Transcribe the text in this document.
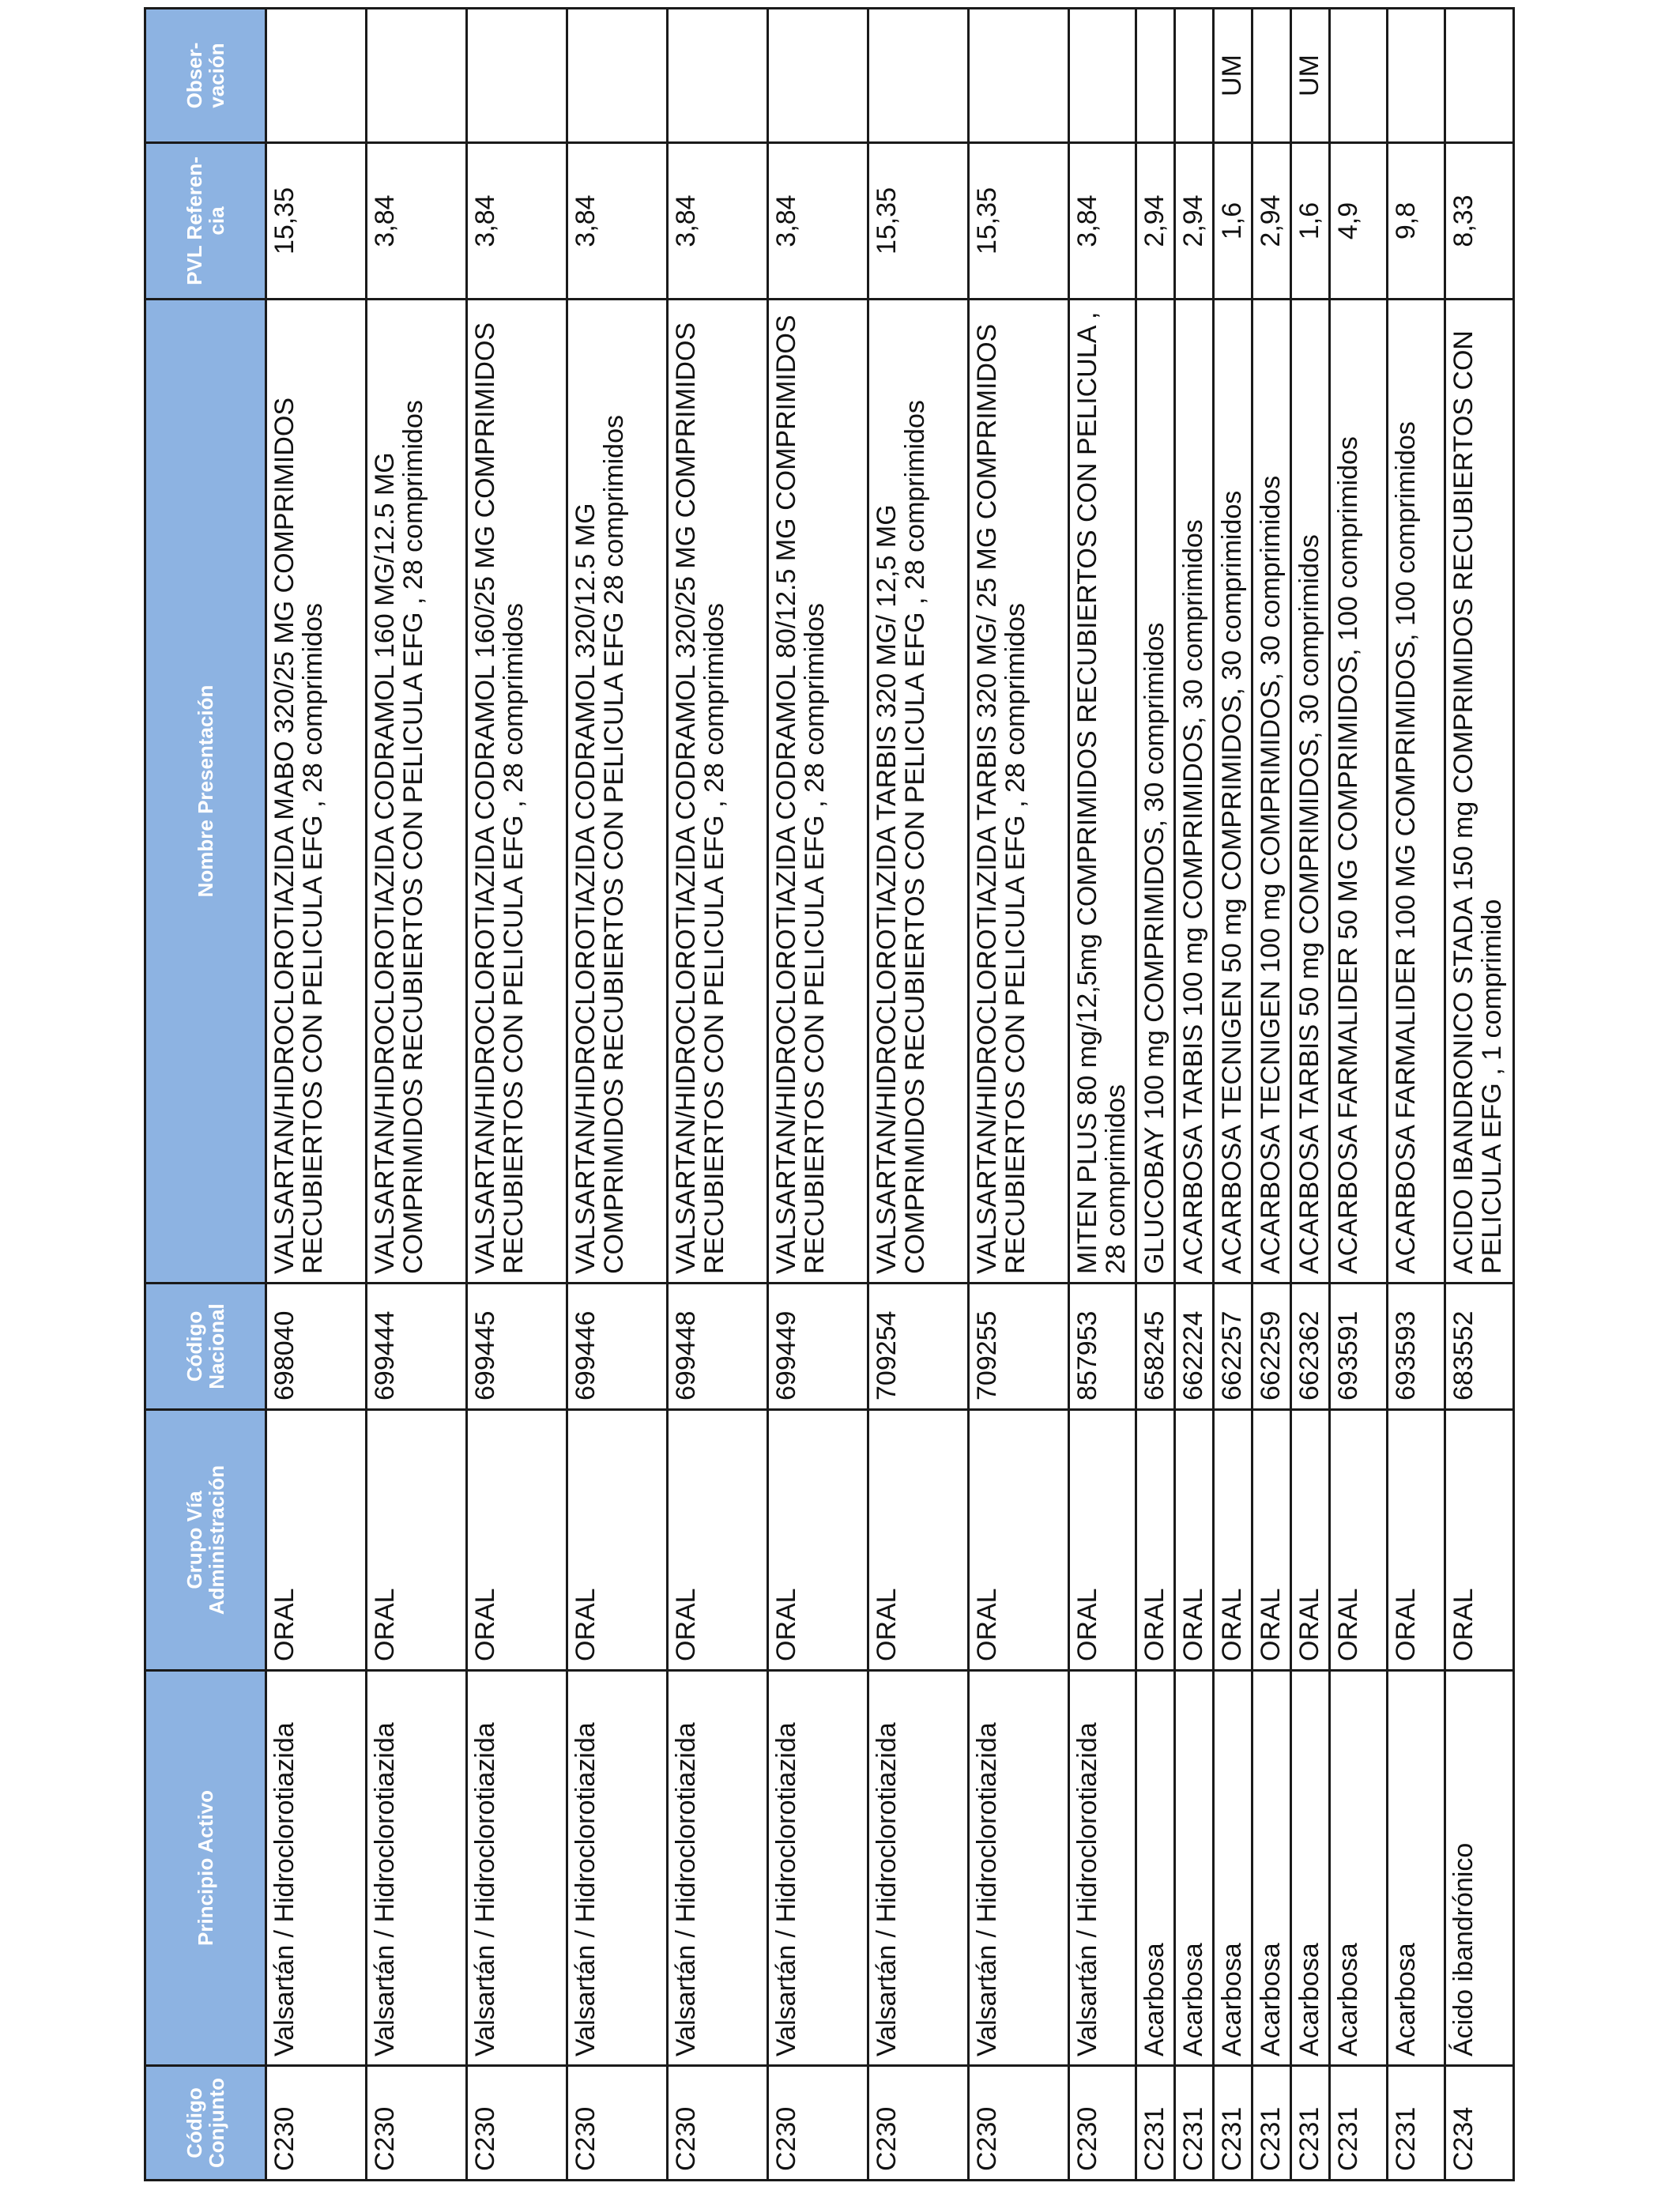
Código Conjunto	Principio Activo	Grupo Vía Administración	Código Nacional	Nombre Presentación	PVL Referen-cia	Obser-vación
C230	Valsartán / Hidroclorotiazida	ORAL	698040	VALSARTAN/HIDROCLOROTIAZIDA MABO 320/25 MG COMPRIMIDOS RECUBIERTOS CON PELICULA EFG , 28 comprimidos	15,35	
C230	Valsartán / Hidroclorotiazida	ORAL	699444	VALSARTAN/HIDROCLOROTIAZIDA CODRAMOL 160 MG/12.5 MG COMPRIMIDOS RECUBIERTOS CON PELICULA EFG , 28 comprimidos	3,84	
C230	Valsartán / Hidroclorotiazida	ORAL	699445	VALSARTAN/HIDROCLOROTIAZIDA CODRAMOL 160/25 MG COMPRIMIDOS RECUBIERTOS CON PELICULA EFG , 28 comprimidos	3,84	
C230	Valsartán / Hidroclorotiazida	ORAL	699446	VALSARTAN/HIDROCLOROTIAZIDA CODRAMOL 320/12.5 MG COMPRIMIDOS RECUBIERTOS CON PELICULA EFG 28 comprimidos	3,84	
C230	Valsartán / Hidroclorotiazida	ORAL	699448	VALSARTAN/HIDROCLOROTIAZIDA CODRAMOL 320/25 MG COMPRIMIDOS RECUBIERTOS CON PELICULA EFG , 28 comprimidos	3,84	
C230	Valsartán / Hidroclorotiazida	ORAL	699449	VALSARTAN/HIDROCLOROTIAZIDA CODRAMOL 80/12.5 MG COMPRIMIDOS RECUBIERTOS CON PELICULA EFG , 28 comprimidos	3,84	
C230	Valsartán / Hidroclorotiazida	ORAL	709254	VALSARTAN/HIDROCLOROTIAZIDA TARBIS 320 MG/ 12,5 MG COMPRIMIDOS RECUBIERTOS CON PELICULA EFG , 28 comprimidos	15,35	
C230	Valsartán / Hidroclorotiazida	ORAL	709255	VALSARTAN/HIDROCLOROTIAZIDA TARBIS 320 MG/ 25 MG COMPRIMIDOS RECUBIERTOS CON PELICULA EFG , 28 comprimidos	15,35	
C230	Valsartán / Hidroclorotiazida	ORAL	857953	MITEN PLUS 80 mg/12,5mg COMPRIMIDOS RECUBIERTOS CON PELICULA , 28 comprimidos	3,84	
C231	Acarbosa	ORAL	658245	GLUCOBAY 100 mg COMPRIMIDOS, 30 comprimidos	2,94	
C231	Acarbosa	ORAL	662224	ACARBOSA TARBIS 100 mg COMPRIMIDOS, 30 comprimidos	2,94	
C231	Acarbosa	ORAL	662257	ACARBOSA TECNIGEN 50 mg COMPRIMIDOS, 30 comprimidos	1,6	UM
C231	Acarbosa	ORAL	662259	ACARBOSA TECNIGEN 100 mg COMPRIMIDOS, 30 comprimidos	2,94	
C231	Acarbosa	ORAL	662362	ACARBOSA TARBIS 50 mg COMPRIMIDOS, 30 comprimidos	1,6	UM
C231	Acarbosa	ORAL	693591	ACARBOSA FARMALIDER 50 MG COMPRIMIDOS, 100 comprimidos	4,9	
C231	Acarbosa	ORAL	693593	ACARBOSA FARMALIDER 100 MG COMPRIMIDOS, 100 comprimidos	9,8	
C234	Ácido ibandrónico	ORAL	683552	ACIDO IBANDRONICO STADA 150 mg COMPRIMIDOS RECUBIERTOS CON PELICULA EFG , 1 comprimido	8,33	
